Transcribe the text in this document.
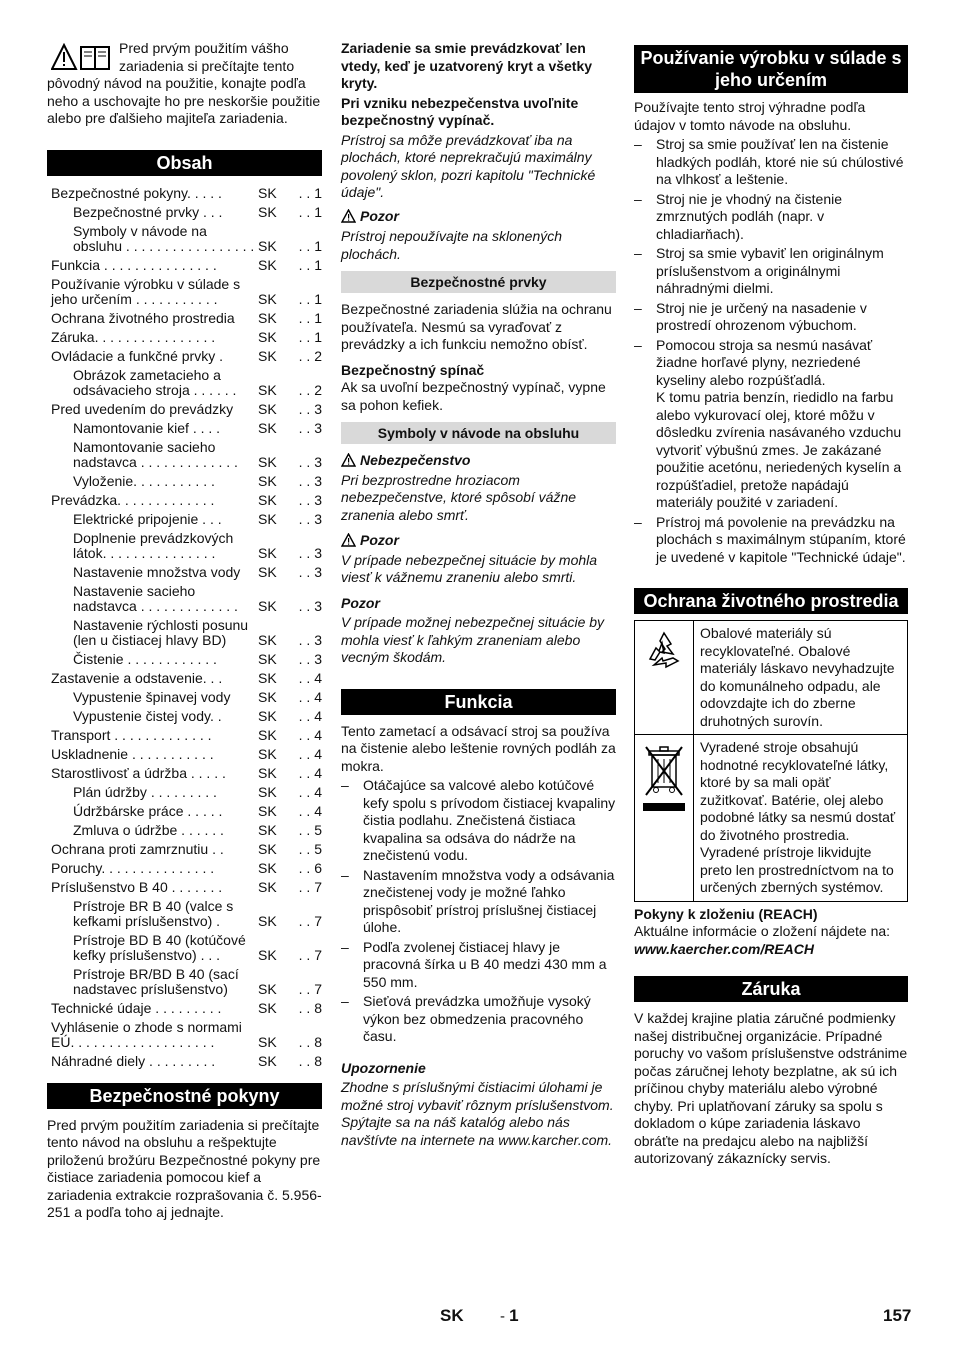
Pred prvým použitím vášho zariadenia si prečítajte tento pôvodný návod na použitie, konajte podľa neho a uschovajte ho pre neskoršie použitie alebo pre ďalšieho majiteľa zariadenia.

Obsah
Bezpečnostné pokyny. . . . .	SK	. . 1
Bezpečnostné prvky . . .	SK	. . 1
Symboly v návode na obsluhu . . . . . . . . . . . . . . . . . SK	. . 1
Funkcia . . . . . . . . . . . . . . .	SK	. . 1
Používanie výrobku v súlade s jeho určením . . . . . . . . . . .	SK	. . 1
Ochrana životného prostredia	SK	. . 1
Záruka. . . . . . . . . . . . . . . .	SK	. . 1
Ovládacie a funkčné prvky .	SK	. . 2
Obrázok zametacieho a odsávacieho stroja . . . . . .	SK	. . 2
Pred uvedením do prevádzky	SK	. . 3
Namontovanie kief . . . .	SK	. . 3
Namontovanie sacieho nadstavca . . . . . . . . . . . . .	SK	. . 3
Vyloženie. . . . . . . . . . .	SK	. . 3
Prevádzka. . . . . . . . . . . . .	SK	. . 3
Elektrické pripojenie . . .	SK	. . 3
Doplnenie prevádzkových látok. . . . . . . . . . . . . . .	SK	. . 3
Nastavenie množstva vody	SK	. . 3
Nastavenie sacieho nadstavca . . . . . . . . . . . . .	SK	. . 3
Nastavenie rýchlosti posunu (len u čistiacej hlavy BD)	SK	. . 3
Čistenie . . . . . . . . . . . .	SK	. . 3
Zastavenie a odstavenie. . .	SK	. . 4
Vypustenie špinavej vody	SK	. . 4
Vypustenie čistej vody. .	SK	. . 4
Transport . . . . . . . . . . . . .	SK	. . 4
Uskladnenie . . . . . . . . . . .	SK	. . 4
Starostlivosť a údržba . . . . .	SK	. . 4
Plán údržby . . . . . . . . .	SK	. . 4
Údržbárske práce . . . . .	SK	. . 4
Zmluva o údržbe . . . . . .	SK	. . 5
Ochrana proti zamrznutiu . .	SK	. . 5
Poruchy. . . . . . . . . . . . . . .	SK	. . 6
Príslušenstvo B 40 . . . . . . .	SK	. . 7
Prístroje BR B 40 (valce s kefkami príslušenstvo) .	SK	. . 7
Prístroje BD B 40 (kotúčové kefky príslušenstvo) . . .	SK	. . 7
Prístroje BR/BD B 40 (sací nadstavec príslušenstvo)	SK	. . 7
Technické údaje . . . . . . . . .	SK	. . 8
Vyhlásenie o zhode s normami EÚ. . . . . . . . . . . . . . . . . . .	SK	. . 8
Náhradné diely . . . . . . . . .	SK	. . 8
Bezpečnostné pokyny

Pred prvým použitím zariadenia si prečítajte tento návod na obsluhu a rešpektujte priloženú brožúru Bezpečnostné pokyny pre čistiace zariadenia pomocou kief a zariadenia extrakcie rozprašovania č. 5.956-251 a podľa toho aj jednajte.

Zariadenie sa smie prevádzkovať len vtedy, keď je uzatvorený kryt a všetky kryty.

Pri vzniku nebezpečenstva uvoľnite bezpečnostný vypínač.

Prístroj sa môže prevádzkovať iba na plochách, ktoré neprekračujú maximálny povolený sklon, pozri kapitolu "Technické údaje".

Pozor

Prístroj nepoužívajte na sklonených plochách.

Bezpečnostné prvky

Bezpečnostné zariadenia slúžia na ochranu používateľa. Nesmú sa vyraďovať z prevádzky a ich funkciu nemožno obísť.

Bezpečnostný spínač

Ak sa uvoľní bezpečnostný vypínač, vypne sa pohon kefiek.

Symboly v návode na obsluhu
Nebezpečenstvo

Pri bezprostredne hroziacom nebezpečenstve, ktoré spôsobí vážne zranenia alebo smrť.

Pozor

V prípade nebezpečnej situácie by mohla viesť k vážnemu zraneniu alebo smrti.

Pozor

V prípade možnej nebezpečnej situácie by mohla viesť k ľahkým zraneniam alebo vecným škodám.

Funkcia

Tento zametací a odsávací stroj sa používa na čistenie alebo leštenie rovných podláh za mokra.

– Otáčajúce sa valcové alebo kotúčové kefy spolu s prívodom čistiacej kvapaliny čistia podlahu. Znečistená čistiaca kvapalina sa odsáva do nádrže na znečistenú vodu.
– Nastavením množstva vody a odsávania znečistenej vody je možné ľahko prispôsobiť prístroj príslušnej čistiacej úlohe.
– Podľa zvolenej čistiacej hlavy je pracovná šírka u B 40 medzi 430 mm a 550 mm.
– Sieťová prevádzka umožňuje vysoký výkon bez obmedzenia pracovného času.
Upozornenie

Zhodne s príslušnými čistiacimi úlohami je možné stroj vybaviť rôznym príslušenstvom.

Spýtajte sa na náš katalóg alebo nás navštívte na internete na www.karcher.com.

Používanie výrobku v súlade s jeho určením

Používajte tento stroj výhradne podľa údajov v tomto návode na obsluhu.

– Stroj sa smie používať len na čistenie hladkých podláh, ktoré nie sú chúlostivé na vlhkosť a leštenie.
– Stroj nie je vhodný na čistenie zmrznutých podláh (napr. v chladiarňach).
– Stroj sa smie vybaviť len originálnym príslušenstvom a originálnymi náhradnými dielmi.
– Stroj nie je určený na nasadenie v prostredí ohrozenom výbuchom.
– Pomocou stroja sa nesmú nasávať žiadne horľavé plyny, nezriedené kyseliny alebo rozpúšťadlá.
K tomu patria benzín, riedidlo na farbu alebo vykurovací olej, ktoré môžu v dôsledku zvírenia nasávaného vzduchu vytvoriť výbušnú zmes. Je zakázané použitie acetónu, neriedených kyselín a rozpúšťadiel, pretože napádajú materiály použité v zariadení.
– Prístroj má povolenie na prevádzku na plochách s maximálnym stúpaním, ktoré je uvedené v kapitole "Technické údaje".
Ochrana životného prostredia
	Obalové materiály sú recyklovateľné. Obalové materiály láskavo nevyhadzujte do komunálneho odpadu, ale odovzdajte ich do zberne druhotných surovín.
	Vyradené stroje obsahujú hodnotné recyklovateľné látky, ktoré by sa mali opäť zužitkovať. Batérie, olej alebo podobné látky sa nesmú dostať do životného prostredia. Vyradené prístroje likvidujte preto len prostredníctvom na to určených zberných systémov.
Pokyny k zloženiu (REACH)
Aktuálne informácie o zložení nájdete na:
www.kaercher.com/REACH
Záruka

V každej krajine platia záručné podmienky našej distribučnej organizácie. Prípadné poruchy vo vašom príslušenstve odstránime počas záručnej lehoty bezplatne, ak sú ich príčinou chyby materiálu alebo výrobné chyby. Pri uplatňovaní záruky sa spolu s dokladom o kúpe zariadenia láskavo obráťte na predajcu alebo na najbližší autorizovaný zákaznícky servis.

SK - 1	157
